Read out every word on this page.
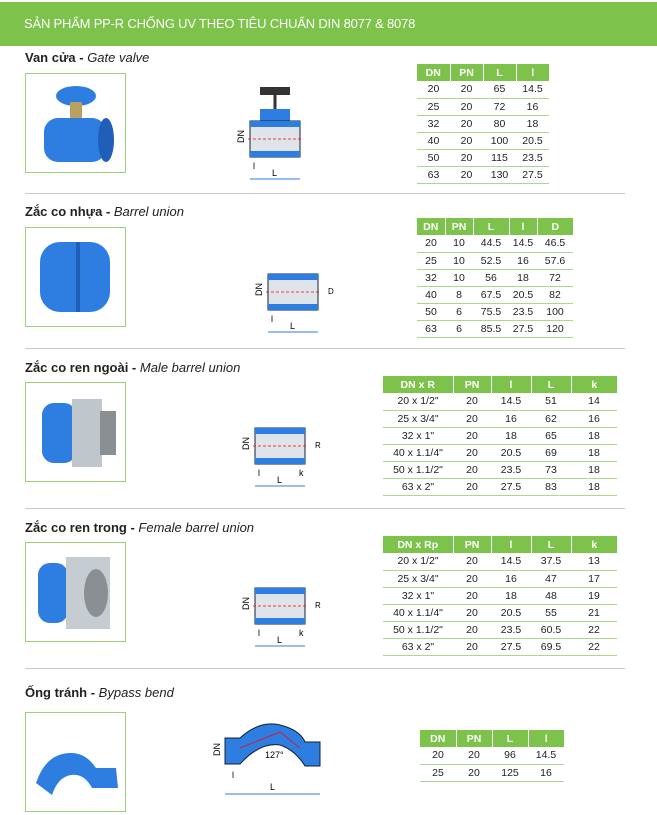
SẢN PHẨM PP-R CHỐNG UV THEO TIÊU CHUẨN DIN 8077 & 8078
Van cửa - Gate valve
DN
l
L
DN	PN	L	l
20	20	65	14.5
25	20	72	16
32	20	80	18
40	20	100	20.5
50	20	115	23.5
63	20	130	27.5
Zắc co nhựa - Barrel union
DN	D
l
L
DN	PN	L	l	D
20	10	44.5	14.5	46.5
25	10	52.5	16	57.6
32	10	56	18	72
40	8	67.5	20.5	82
50	6	75.5	23.5	100
63	6	85.5	27.5	120
Zắc co ren ngoài - Male barrel union
DN	R
l
L
k
DN x R	PN	l	L	k
20 x 1/2"	20	14.5	51	14
25 x 3/4"	20	16	62	16
32 x 1"	20	18	65	18
40 x 1.1/4"	20	20.5	69	18
50 x 1.1/2"	20	23.5	73	18
63 x 2"	20	27.5	83	18
Zắc co ren trong - Female barrel union
DN	R
l
L
k
DN x Rp	PN	l	L	k
20 x 1/2"	20	14.5	37.5	13
25 x 3/4"	20	16	47	17
32 x 1"	20	18	48	19
40 x 1.1/4"	20	20.5	55	21
50 x 1.1/2"	20	23.5	60.5	22
63 x 2"	20	27.5	69.5	22
Ống tránh - Bypass bend
DN	127°
l
L
DN	PN	L	l
20	20	96	14.5
25	20	125	16
